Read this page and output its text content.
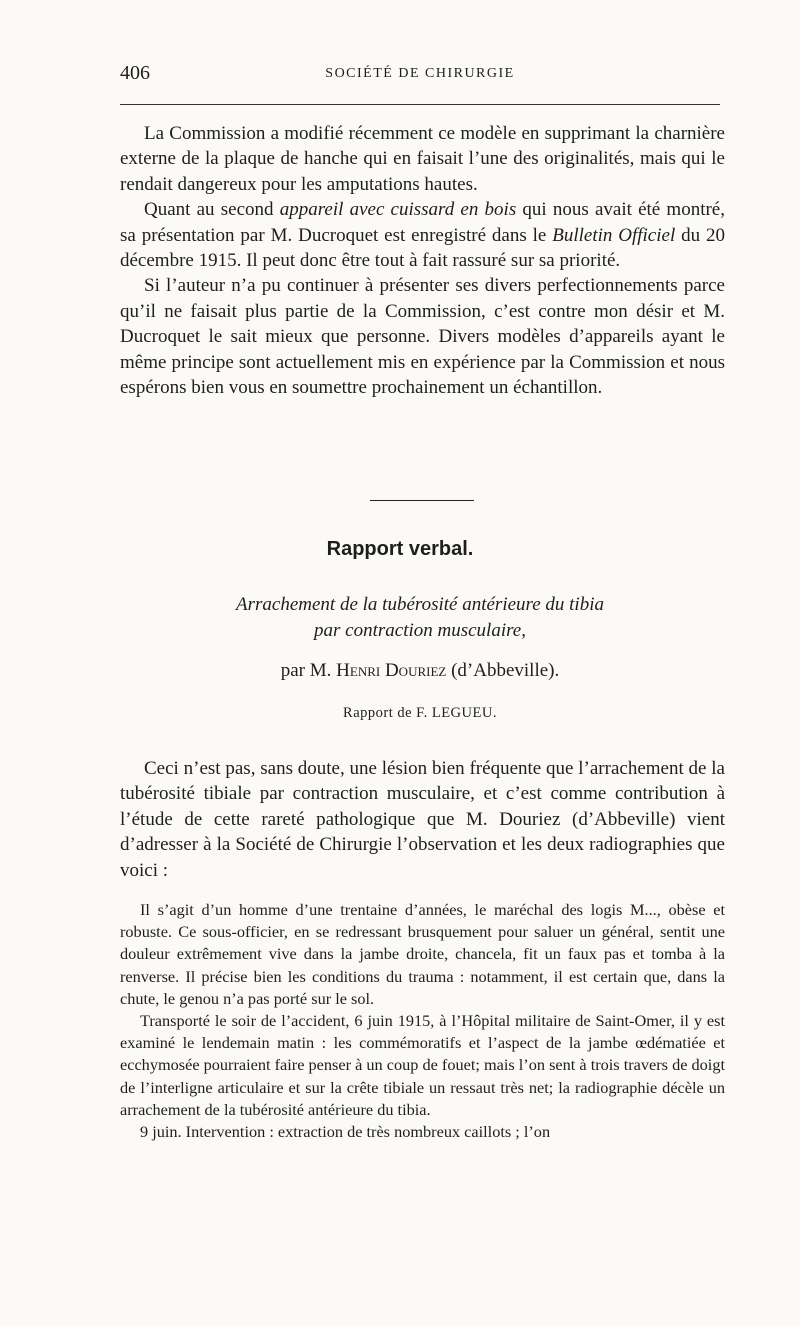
406	SOCIÉTÉ DE CHIRURGIE

La Commission a modifié récemment ce modèle en supprimant la charnière externe de la plaque de hanche qui en faisait l’une des originalités, mais qui le rendait dangereux pour les amputations hautes.

Quant au second appareil avec cuissard en bois qui nous avait été montré, sa présentation par M. Ducroquet est enregistré dans le Bulletin Officiel du 20 décembre 1915. Il peut donc être tout à fait rassuré sur sa priorité.

Si l’auteur n’a pu continuer à présenter ses divers perfectionnements parce qu’il ne faisait plus partie de la Commission, c’est contre mon désir et M. Ducroquet le sait mieux que personne. Divers modèles d’appareils ayant le même principe sont actuellement mis en expérience par la Commission et nous espérons bien vous en soumettre prochainement un échantillon.

Rapport verbal.
Arrachement de la tubérosité antérieure du tibia
par contraction musculaire,
par M. Henri Douriez (d’Abbeville).
Rapport de F. LEGUEU.

Ceci n’est pas, sans doute, une lésion bien fréquente que l’arrachement de la tubérosité tibiale par contraction musculaire, et c’est comme contribution à l’étude de cette rareté pathologique que M. Douriez (d’Abbeville) vient d’adresser à la Société de Chirurgie l’observation et les deux radiographies que voici :

Il s’agit d’un homme d’une trentaine d’années, le maréchal des logis M..., obèse et robuste. Ce sous-officier, en se redressant brusquement pour saluer un général, sentit une douleur extrêmement vive dans la jambe droite, chancela, fit un faux pas et tomba à la renverse. Il précise bien les conditions du trauma : notamment, il est certain que, dans la chute, le genou n’a pas porté sur le sol.

Transporté le soir de l’accident, 6 juin 1915, à l’Hôpital militaire de Saint-Omer, il y est examiné le lendemain matin : les commémoratifs et l’aspect de la jambe œdématiée et ecchymosée pourraient faire penser à un coup de fouet; mais l’on sent à trois travers de doigt de l’interligne articulaire et sur la crête tibiale un ressaut très net; la radiographie décèle un arrachement de la tubérosité antérieure du tibia.

9 juin. Intervention : extraction de très nombreux caillots ; l’on
